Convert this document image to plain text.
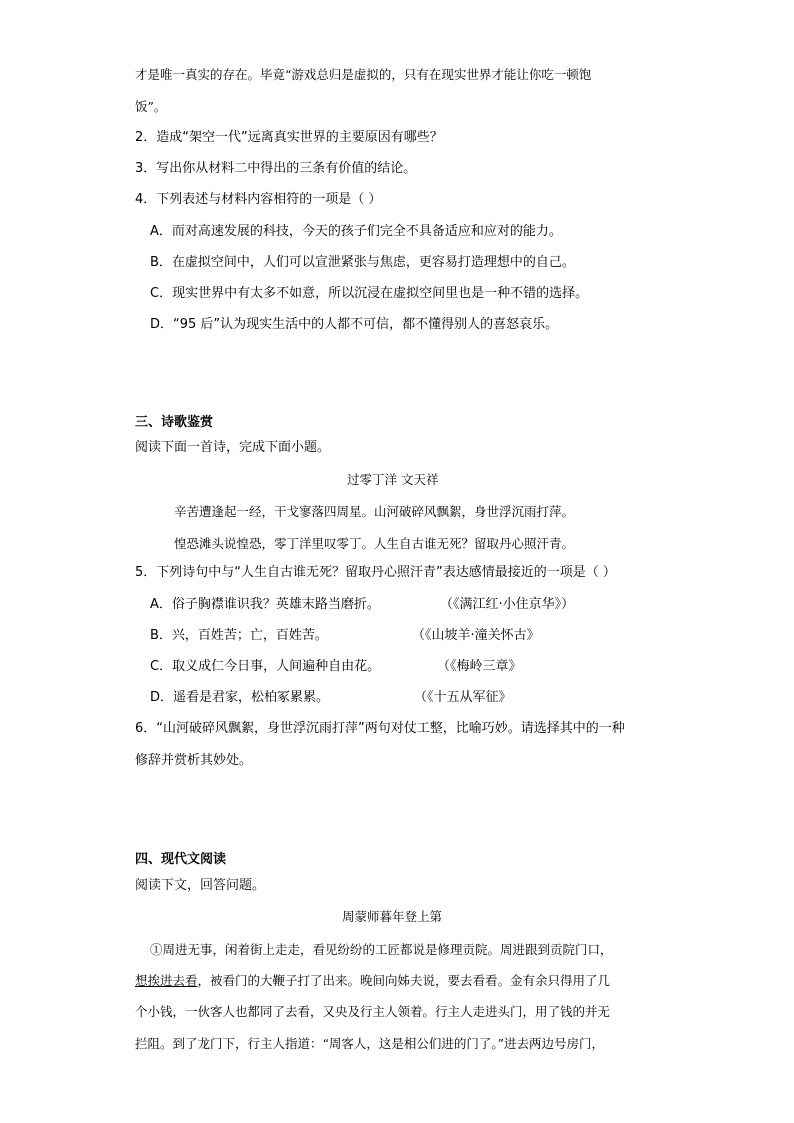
才是唯一真实的存在。毕竟“游戏总归是虚拟的，只有在现实世界才能让你吃一顿饱
饭”。
2．造成“架空一代”远离真实世界的主要原因有哪些？
3．写出你从材料二中得出的三条有价值的结论。
4．下列表述与材料内容相符的一项是（ ）
A．而对高速发展的科技，今天的孩子们完全不具备适应和应对的能力。
B．在虚拟空间中，人们可以宣泄紧张与焦虑，更容易打造理想中的自己。
C．现实世界中有太多不如意，所以沉浸在虚拟空间里也是一种不错的选择。
D．“95 后”认为现实生活中的人都不可信，都不懂得别人的喜怒哀乐。
三、诗歌鉴赏
阅读下面一首诗，完成下面小题。
过零丁洋 文天祥
辛苦遭逢起一经，干戈寥落四周星。山河破碎风飘絮，身世浮沉雨打萍。
惶恐滩头说惶恐，零丁洋里叹零丁。人生自古谁无死？留取丹心照汗青。
5．下列诗句中与“人生自古谁无死？留取丹心照汗青”表达感情最接近的一项是（ ）
A．俗子胸襟谁识我？英雄末路当磨折。	（《满江红·小住京华》）
B．兴，百姓苦；亡，百姓苦。	（《山坡羊·潼关怀古》
C．取义成仁今日事，人间遍种自由花。	（《梅岭三章》
D．遥看是君家，松柏冢累累。	（《十五从军征》
6．“山河破碎风飘絮，身世浮沉雨打萍”两句对仗工整，比喻巧妙。请选择其中的一种
修辞并赏析其妙处。
四、现代文阅读
阅读下文，回答问题。
周蒙师暮年登上第
①周进无事，闲着街上走走，看见纷纷的工匠都说是修理贡院。周进跟到贡院门口，
想挨进去看，被看门的大鞭子打了出来。晚间向姊夫说，要去看看。金有余只得用了几
个小钱，一伙客人也都同了去看，又央及行主人领着。行主人走进头门，用了钱的并无
拦阻。到了龙门下，行主人指道：“周客人，这是相公们进的门了。”进去两边号房门，
